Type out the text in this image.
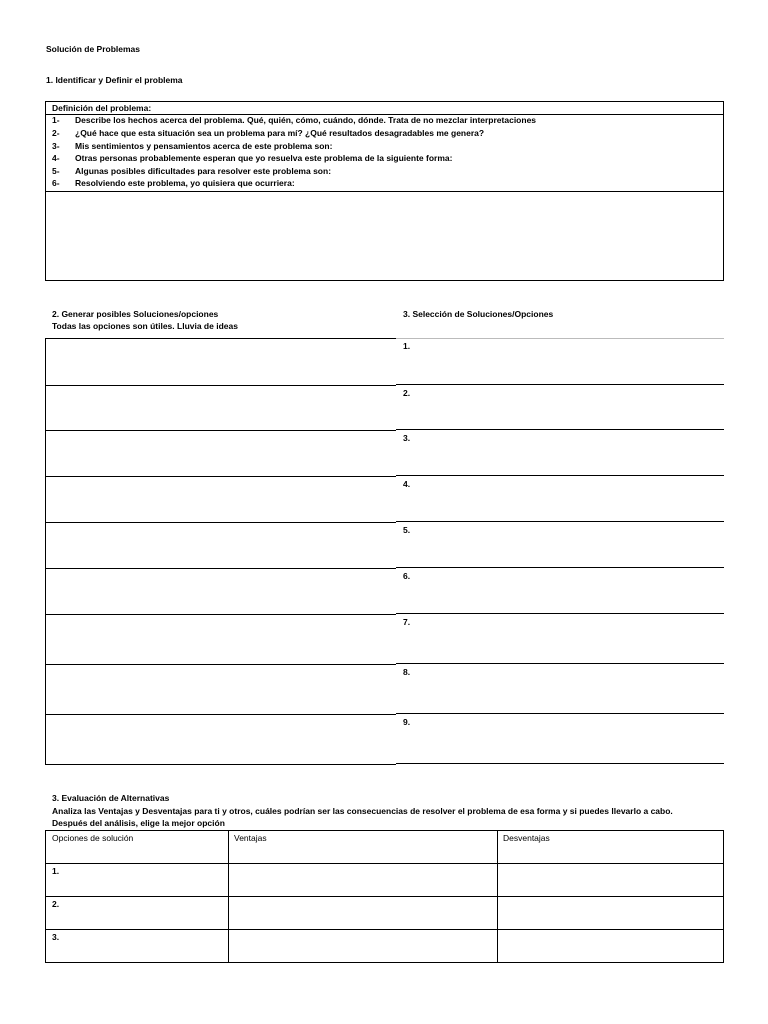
Solución de Problemas
1. Identificar y Definir el problema
Definición del problema:
1- Describe los hechos acerca del problema. Qué, quién, cómo, cuándo, dónde. Trata de no mezclar interpretaciones
2- ¿Qué hace que esta situación sea un problema para mí? ¿Qué resultados desagradables me genera?
3- Mis sentimientos y pensamientos acerca de este problema son:
4- Otras personas probablemente esperan que yo resuelva este problema de la siguiente forma:
5- Algunas posibles dificultades para resolver este problema son:
6- Resolviendo este problema, yo quisiera que ocurriera:
2. Generar posibles Soluciones/opciones
Todas las opciones son útiles. Lluvia de ideas
3. Selección de Soluciones/Opciones
1.
2.
3.
4.
5.
6.
7.
8.
9.
3. Evaluación de Alternativas
Analiza las Ventajas y Desventajas para ti y otros, cuáles podrían ser las consecuencias de resolver el problema de esa forma y si puedes llevarlo a cabo.
Después del análisis, elige la mejor opción
Opciones de solución	Ventajas	Desventajas
1.
2.
3.
